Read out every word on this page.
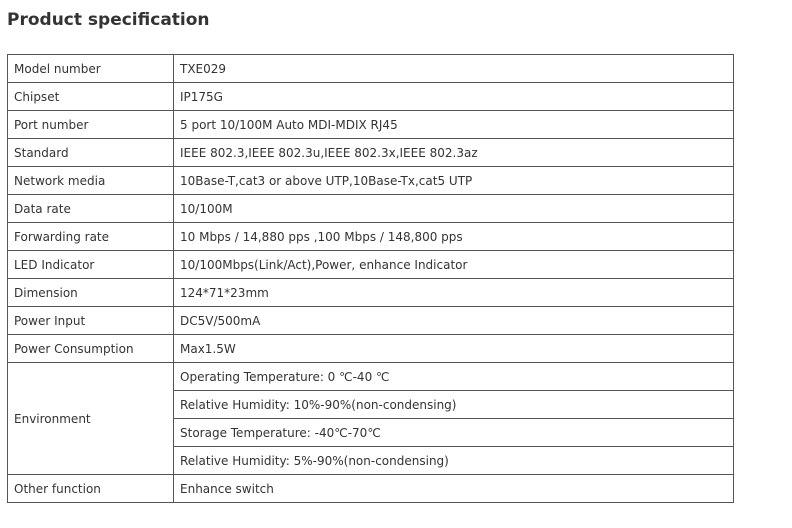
Product specification
Model number	TXE029
Chipset	IP175G
Port number	5 port 10/100M Auto MDI-MDIX RJ45
Standard	IEEE 802.3,IEEE 802.3u,IEEE 802.3x,IEEE 802.3az
Network media	10Base-T,cat3 or above UTP,10Base-Tx,cat5 UTP
Data rate	10/100M
Forwarding rate	10 Mbps / 14,880 pps ,100 Mbps / 148,800 pps
LED Indicator	10/100Mbps(Link/Act),Power, enhance Indicator
Dimension	124*71*23mm
Power Input	DC5V/500mA
Power Consumption	Max1.5W
Environment	Operating Temperature: 0 ℃-40 ℃
	Relative Humidity: 10%-90%(non-condensing)
	Storage Temperature: -40℃-70℃
	Relative Humidity: 5%-90%(non-condensing)
Other function	Enhance switch
